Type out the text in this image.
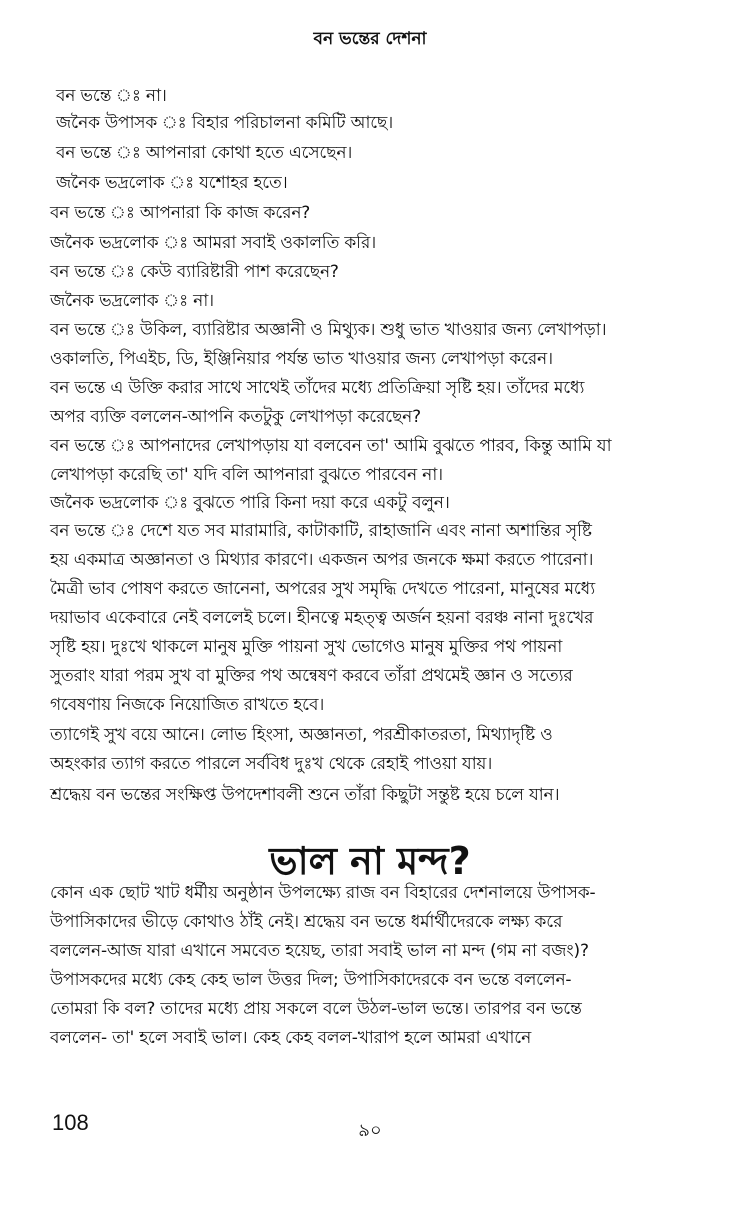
বন ভন্তের দেশনা
বন ভন্তে ঃ না।
জনৈক উপাসক ঃ বিহার পরিচালনা কমিটি আছে।
বন ভন্তে ঃ আপনারা কোথা হতে এসেছেন।
জনৈক ভদ্রলোক ঃ যশোহর হতে।
বন ভন্তে ঃ আপনারা কি কাজ করেন?
জনৈক ভদ্রলোক ঃ আমরা সবাই ওকালতি করি।
বন ভন্তে ঃ কেউ ব্যারিষ্টারী পাশ করেছেন?
জনৈক ভদ্রলোক ঃ না।
বন ভন্তে ঃ উকিল, ব্যারিষ্টার অজ্ঞানী ও মিথ্যুক। শুধু ভাত খাওয়ার জন্য লেখাপড়া।
ওকালতি, পিএইচ, ডি, ইঞ্জিনিয়ার পর্যন্ত ভাত খাওয়ার জন্য লেখাপড়া করেন।
বন ভন্তে এ উক্তি করার সাথে সাথেই তাঁদের মধ্যে প্রতিক্রিয়া সৃষ্টি হয়। তাঁদের মধ্যে
অপর ব্যক্তি বললেন-আপনি কতটুকু লেখাপড়া করেছেন?
বন ভন্তে ঃ আপনাদের লেখাপড়ায় যা বলবেন তা' আমি বুঝতে পারব, কিন্তু আমি যা
লেখাপড়া করেছি তা' যদি বলি আপনারা বুঝতে পারবেন না।
জনৈক ভদ্রলোক ঃ বুঝতে পারি কিনা দয়া করে একটু বলুন।
বন ভন্তে ঃ দেশে যত সব মারামারি, কাটাকাটি, রাহাজানি এবং নানা অশান্তির সৃষ্টি
হয় একমাত্র অজ্ঞানতা ও মিথ্যার কারণে। একজন অপর জনকে ক্ষমা করতে পারেনা।
মৈত্রী ভাব পোষণ করতে জানেনা, অপরের সুখ সমৃদ্ধি দেখতে পারেনা, মানুষের মধ্যে
দয়াভাব একেবারে নেই বললেই চলে। হীনত্বে মহত্ত্ব অর্জন হয়না বরঞ্চ নানা দুঃখের
সৃষ্টি হয়। দুঃখে থাকলে মানুষ মুক্তি পায়না সুখ ভোগেও মানুষ মুক্তির পথ পায়না
সুতরাং যারা পরম সুখ বা মুক্তির পথ অন্বেষণ করবে তাঁরা প্রথমেই জ্ঞান ও সত্যের
গবেষণায় নিজকে নিয়োজিত রাখতে হবে।
ত্যাগেই সুখ বয়ে আনে। লোভ হিংসা, অজ্ঞানতা, পরশ্রীকাতরতা, মিথ্যাদৃষ্টি ও
অহংকার ত্যাগ করতে পারলে সর্ববিধ দুঃখ থেকে রেহাই পাওয়া যায়।
শ্রদ্ধেয় বন ভন্তের সংক্ষিপ্ত উপদেশাবলী শুনে তাঁরা কিছুটা সন্তুষ্ট হয়ে চলে যান।
ভাল না মন্দ?
কোন এক ছোট খাট ধর্মীয় অনুষ্ঠান উপলক্ষ্যে রাজ বন বিহারের দেশনালয়ে উপাসক-
উপাসিকাদের ভীড়ে কোথাও ঠাঁই নেই। শ্রদ্ধেয় বন ভন্তে ধর্মার্থীদেরকে লক্ষ্য করে
বললেন-আজ যারা এখানে সমবেত হয়েছ, তারা সবাই ভাল না মন্দ (গম না বজং)?
উপাসকদের মধ্যে কেহ কেহ ভাল উত্তর দিল; উপাসিকাদেরকে বন ভন্তে বললেন-
তোমরা কি বল? তাদের মধ্যে প্রায় সকলে বলে উঠল-ভাল ভন্তে। তারপর বন ভন্তে
বললেন- তা' হলে সবাই ভাল। কেহ কেহ বলল-খারাপ হলে আমরা এখানে
108	৯০
